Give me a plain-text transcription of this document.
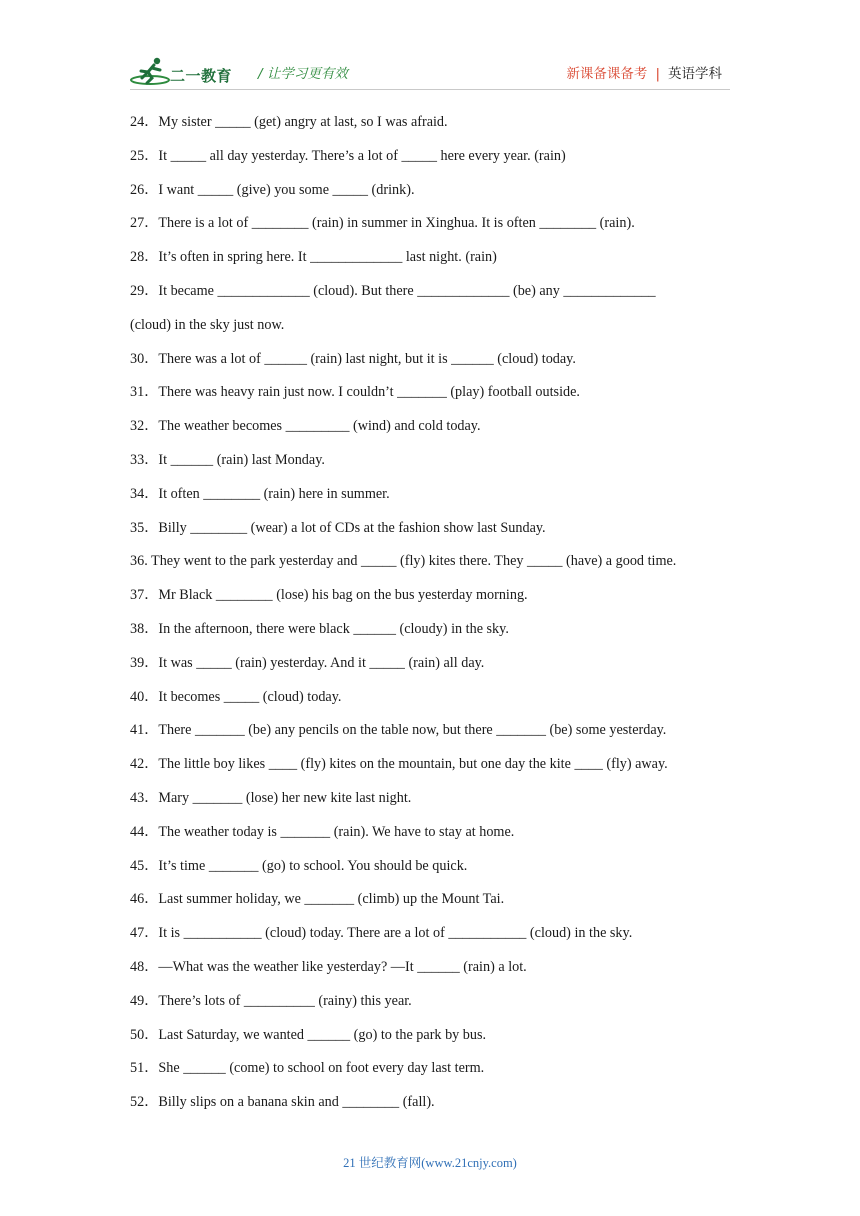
二一教育 / 让学习更有效	新课备课备考 | 英语学科
24．My sister _____ (get) angry at last, so I was afraid.
25．It _____ all day yesterday. There’s a lot of _____ here every year. (rain)
26．I want _____ (give) you some _____ (drink).
27．There is a lot of ________ (rain) in summer in Xinghua. It is often ________ (rain).
28．It’s often in spring here. It _____________ last night. (rain)
29．It became _____________ (cloud). But there _____________ (be) any _____________
(cloud) in the sky just now.
30．There was a lot of ______ (rain) last night, but it is ______ (cloud) today.
31．There was heavy rain just now. I couldn’t _______ (play) football outside.
32．The weather becomes _________ (wind) and cold today.
33．It ______ (rain) last Monday.
34．It often ________ (rain) here in summer.
35．Billy ________ (wear) a lot of CDs at the fashion show last Sunday.
36. They went to the park yesterday and _____ (fly) kites there. They _____ (have) a good time.
37．Mr Black ________ (lose) his bag on the bus yesterday morning.
38．In the afternoon, there were black ______ (cloudy) in the sky.
39．It was _____ (rain) yesterday. And it _____ (rain) all day.
40．It becomes _____ (cloud) today.
41．There _______ (be) any pencils on the table now, but there _______ (be) some yesterday.
42．The little boy likes ____ (fly) kites on the mountain, but one day the kite ____ (fly) away.
43．Mary _______ (lose) her new kite last night.
44．The weather today is _______ (rain). We have to stay at home.
45．It’s time _______ (go) to school. You should be quick.
46．Last summer holiday, we _______ (climb) up the Mount Tai.
47．It is ___________ (cloud) today. There are a lot of ___________ (cloud) in the sky.
48．—What was the weather like yesterday? —It ______ (rain) a lot.
49．There’s lots of __________ (rainy) this year.
50．Last Saturday, we wanted ______ (go) to the park by bus.
51．She ______ (come) to school on foot every day last term.
52．Billy slips on a banana skin and ________ (fall).
21 世纪教育网(www.21cnjy.com)
